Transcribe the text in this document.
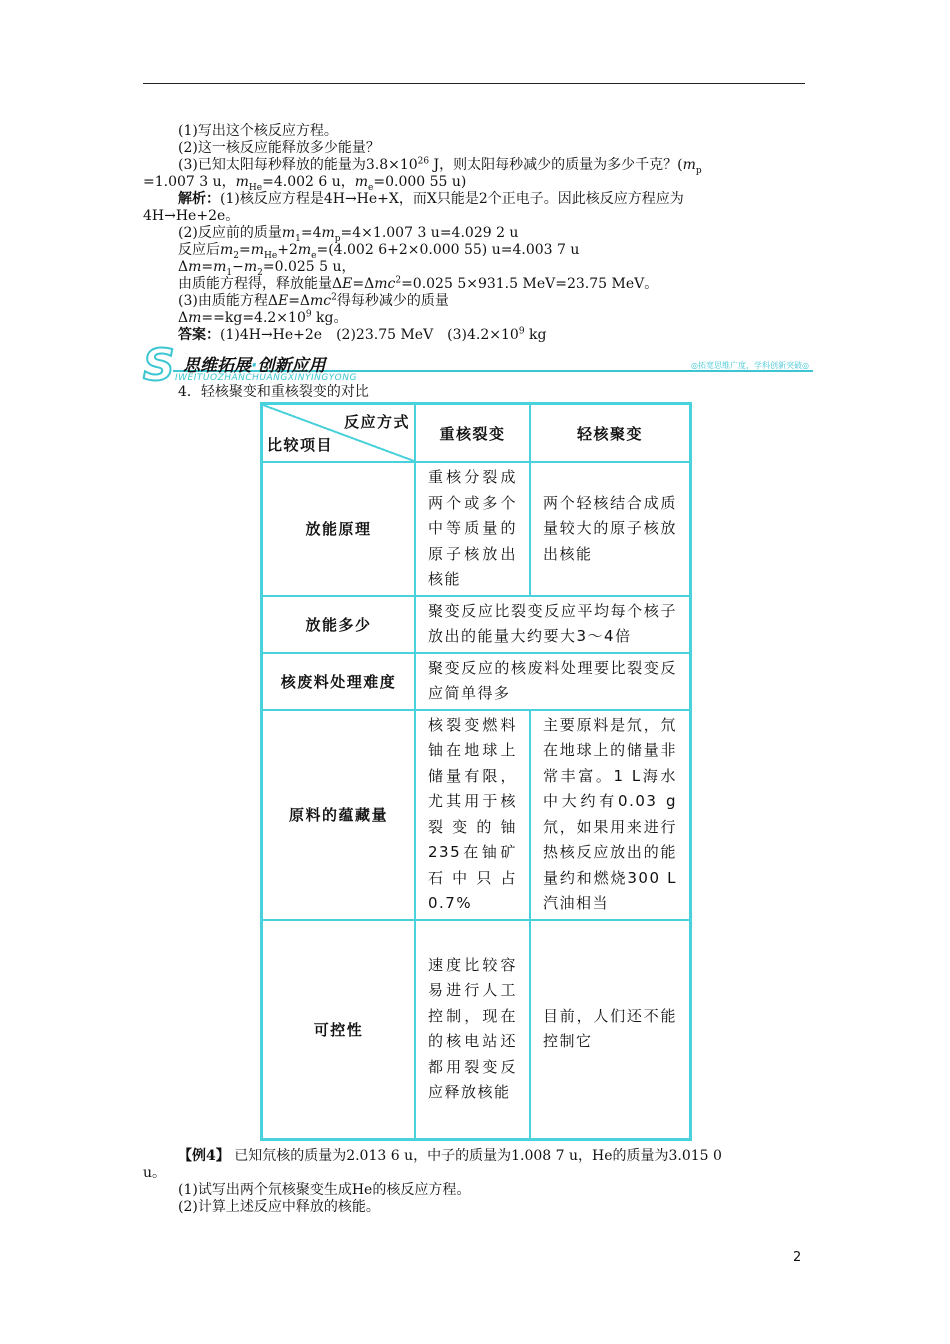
(1)写出这个核反应方程。
(2)这一核反应能释放多少能量？
(3)已知太阳每秒释放的能量为$3.8\times 10^{26}$ J，则太阳每秒减少的质量为多少千克？($m_p$
=1.007 3 u，$m_{He}=4.002$ 6 u，$m_e=0.000$ 55 u)
解析：(1)核反应方程是4H→He+X，而X只能是2个正电子。因此核反应方程应为
4H→He+2e。
(2)反应前的质量$m_1=4m_p=4\times 1.007$ 3 u=4.029 2 u
反应后$m_2=m_{He}+2m_e=(4.002$ 6+2×0.000 55) u=4.003 7 u
$\Delta m=m_1-m_2=0.025$ 5 u，
由质能方程得，释放能量ΔE=Δmc$^2$=0.025 5×931.5 MeV=23.75 MeV。
(3)由质能方程ΔE=Δmc$^2$得每秒减少的质量
$\Delta m==kg=4.2\times 10^9$ kg。
答案：(1)4H→He+2e　(2)23.75 MeV　$(3)4.2\times 10^9$ kg
S 思维拓展·创新应用
IWEITUOZHANCHUANGXINYINGYONG
◎拓宽思维广度，学科创新突破◎
4．轻核聚变和重核裂变的对比
反应方式
比较项目	重核裂变	轻核聚变
放能原理	重核分裂成两个或多个中等质量的原子核放出核能	两个轻核结合成质量较大的原子核放出核能
放能多少	聚变反应比裂变反应平均每个核子放出的能量大约要大3～4倍	
核废料处理难度	聚变反应的核废料处理要比裂变反应简单得多	
原料的蕴藏量	核裂变燃料铀在地球上储量有限，尤其用于核裂变的铀235在铀矿石中只占0.7%	主要原料是氘，氘在地球上的储量非常丰富。1 L海水中大约有0.03 g氘，如果用来进行热核反应放出的能量约和燃烧300 L汽油相当
可控性	速度比较容易进行人工控制，现在的核电站还都用裂变反应释放核能	目前，人们还不能控制它
【例4】 已知氘核的质量为2.013 6 u，中子的质量为1.008 7 u，He的质量为3.015 0
u。
(1)试写出两个氘核聚变生成He的核反应方程。
(2)计算上述反应中释放的核能。
2
